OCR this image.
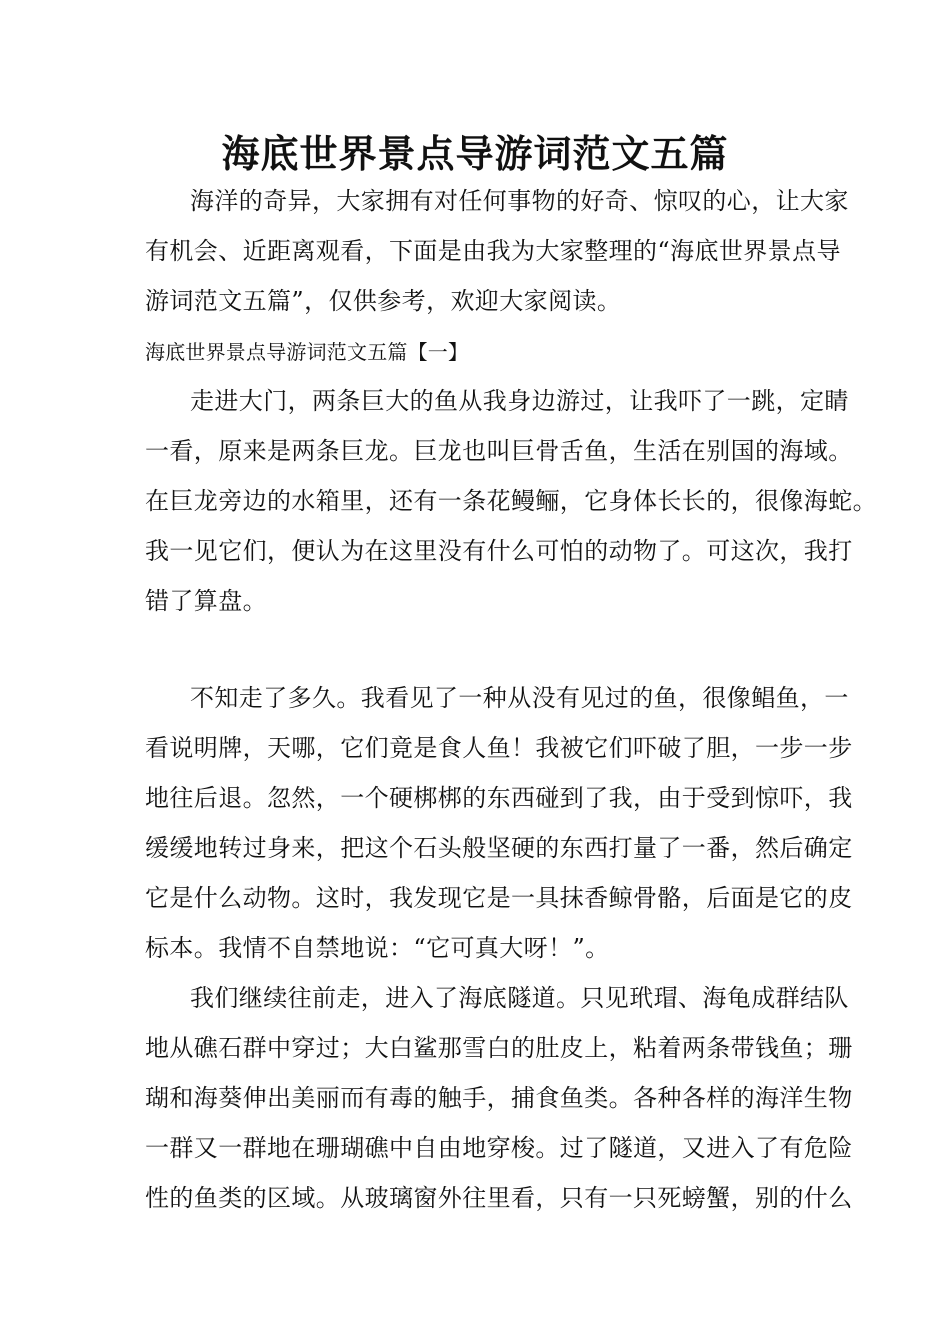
海底世界景点导游词范文五篇

海洋的奇异，大家拥有对任何事物的好奇、惊叹的心，让大家

有机会、近距离观看，下面是由我为大家整理的“海底世界景点导

游词范文五篇”，仅供参考，欢迎大家阅读。

海底世界景点导游词范文五篇【一】

走进大门，两条巨大的鱼从我身边游过，让我吓了一跳，定睛

一看，原来是两条巨龙。巨龙也叫巨骨舌鱼，生活在别国的海域。

在巨龙旁边的水箱里，还有一条花鳗鲡，它身体长长的，很像海蛇。

我一见它们，便认为在这里没有什么可怕的动物了。可这次，我打

错了算盘。

不知走了多久。我看见了一种从没有见过的鱼，很像鲳鱼，一

看说明牌，天哪，它们竟是食人鱼！我被它们吓破了胆，一步一步

地往后退。忽然，一个硬梆梆的东西碰到了我，由于受到惊吓，我

缓缓地转过身来，把这个石头般坚硬的东西打量了一番，然后确定

它是什么动物。这时，我发现它是一具抹香鲸骨骼，后面是它的皮

标本。我情不自禁地说：“它可真大呀！”。

我们继续往前走，进入了海底隧道。只见玳瑁、海龟成群结队

地从礁石群中穿过；大白鲨那雪白的肚皮上，粘着两条带钱鱼；珊

瑚和海葵伸出美丽而有毒的触手，捕食鱼类。各种各样的海洋生物

一群又一群地在珊瑚礁中自由地穿梭。过了隧道，又进入了有危险

性的鱼类的区域。从玻璃窗外往里看，只有一只死螃蟹，别的什么
